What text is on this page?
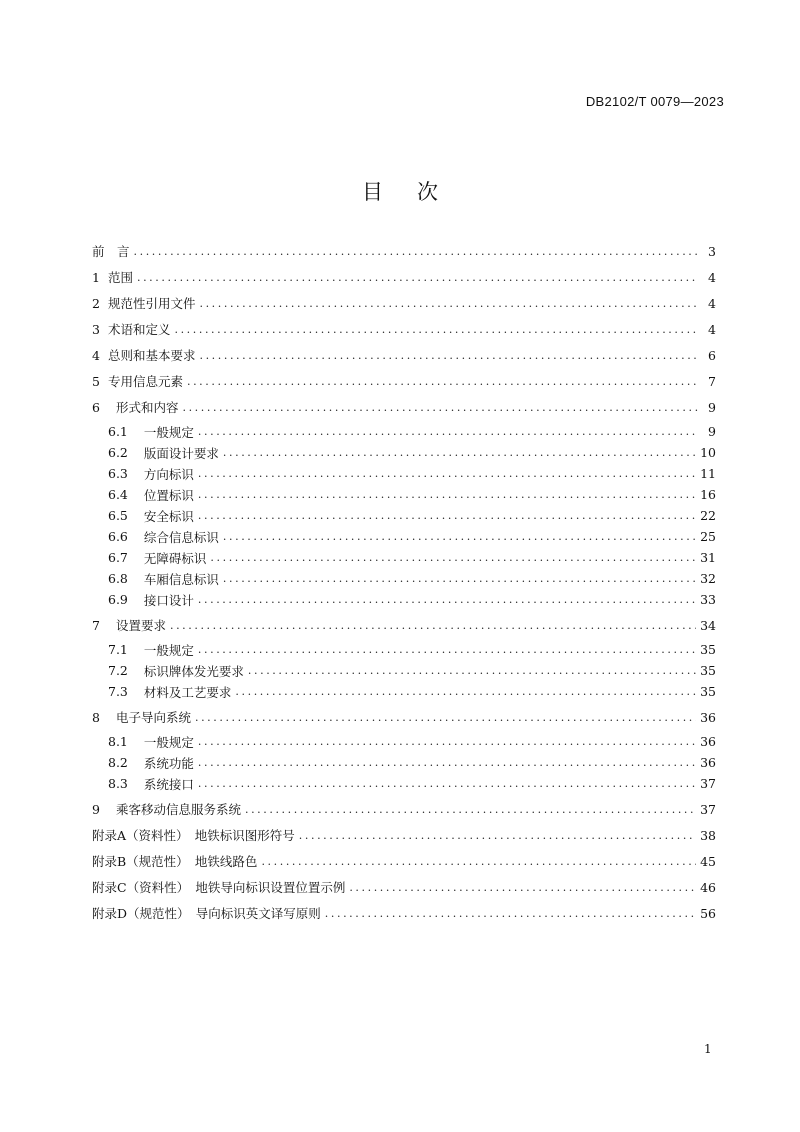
DB2102/T 0079—2023
目次
前　言 .....	3
1 范围 .....	4
2 规范性引用文件 .....	4
3 术语和定义 .....	4
4 总则和基本要求 .....	6
5 专用信息元素 .....	7
6 形式和内容 .....	9
6.1 一般规定 .....	9
6.2 版面设计要求 .....	10
6.3 方向标识 .....	11
6.4 位置标识 .....	16
6.5 安全标识 .....	22
6.6 综合信息标识 .....	25
6.7 无障碍标识 .....	31
6.8 车厢信息标识 .....	32
6.9 接口设计 .....	33
7 设置要求 .....	34
7.1 一般规定 .....	35
7.2 标识牌体发光要求 .....	35
7.3 材料及工艺要求 .....	35
8 电子导向系统 .....	36
8.1 一般规定 .....	36
8.2 系统功能 .....	36
8.3 系统接口 .....	37
9 乘客移动信息服务系统 .....	37
附录A（资料性）　地铁标识图形符号 .....	38
附录B（规范性）　地铁线路色 .....	45
附录C（资料性）　地铁导向标识设置位置示例 .....	46
附录D（规范性）　导向标识英文译写原则 .....	56
1
